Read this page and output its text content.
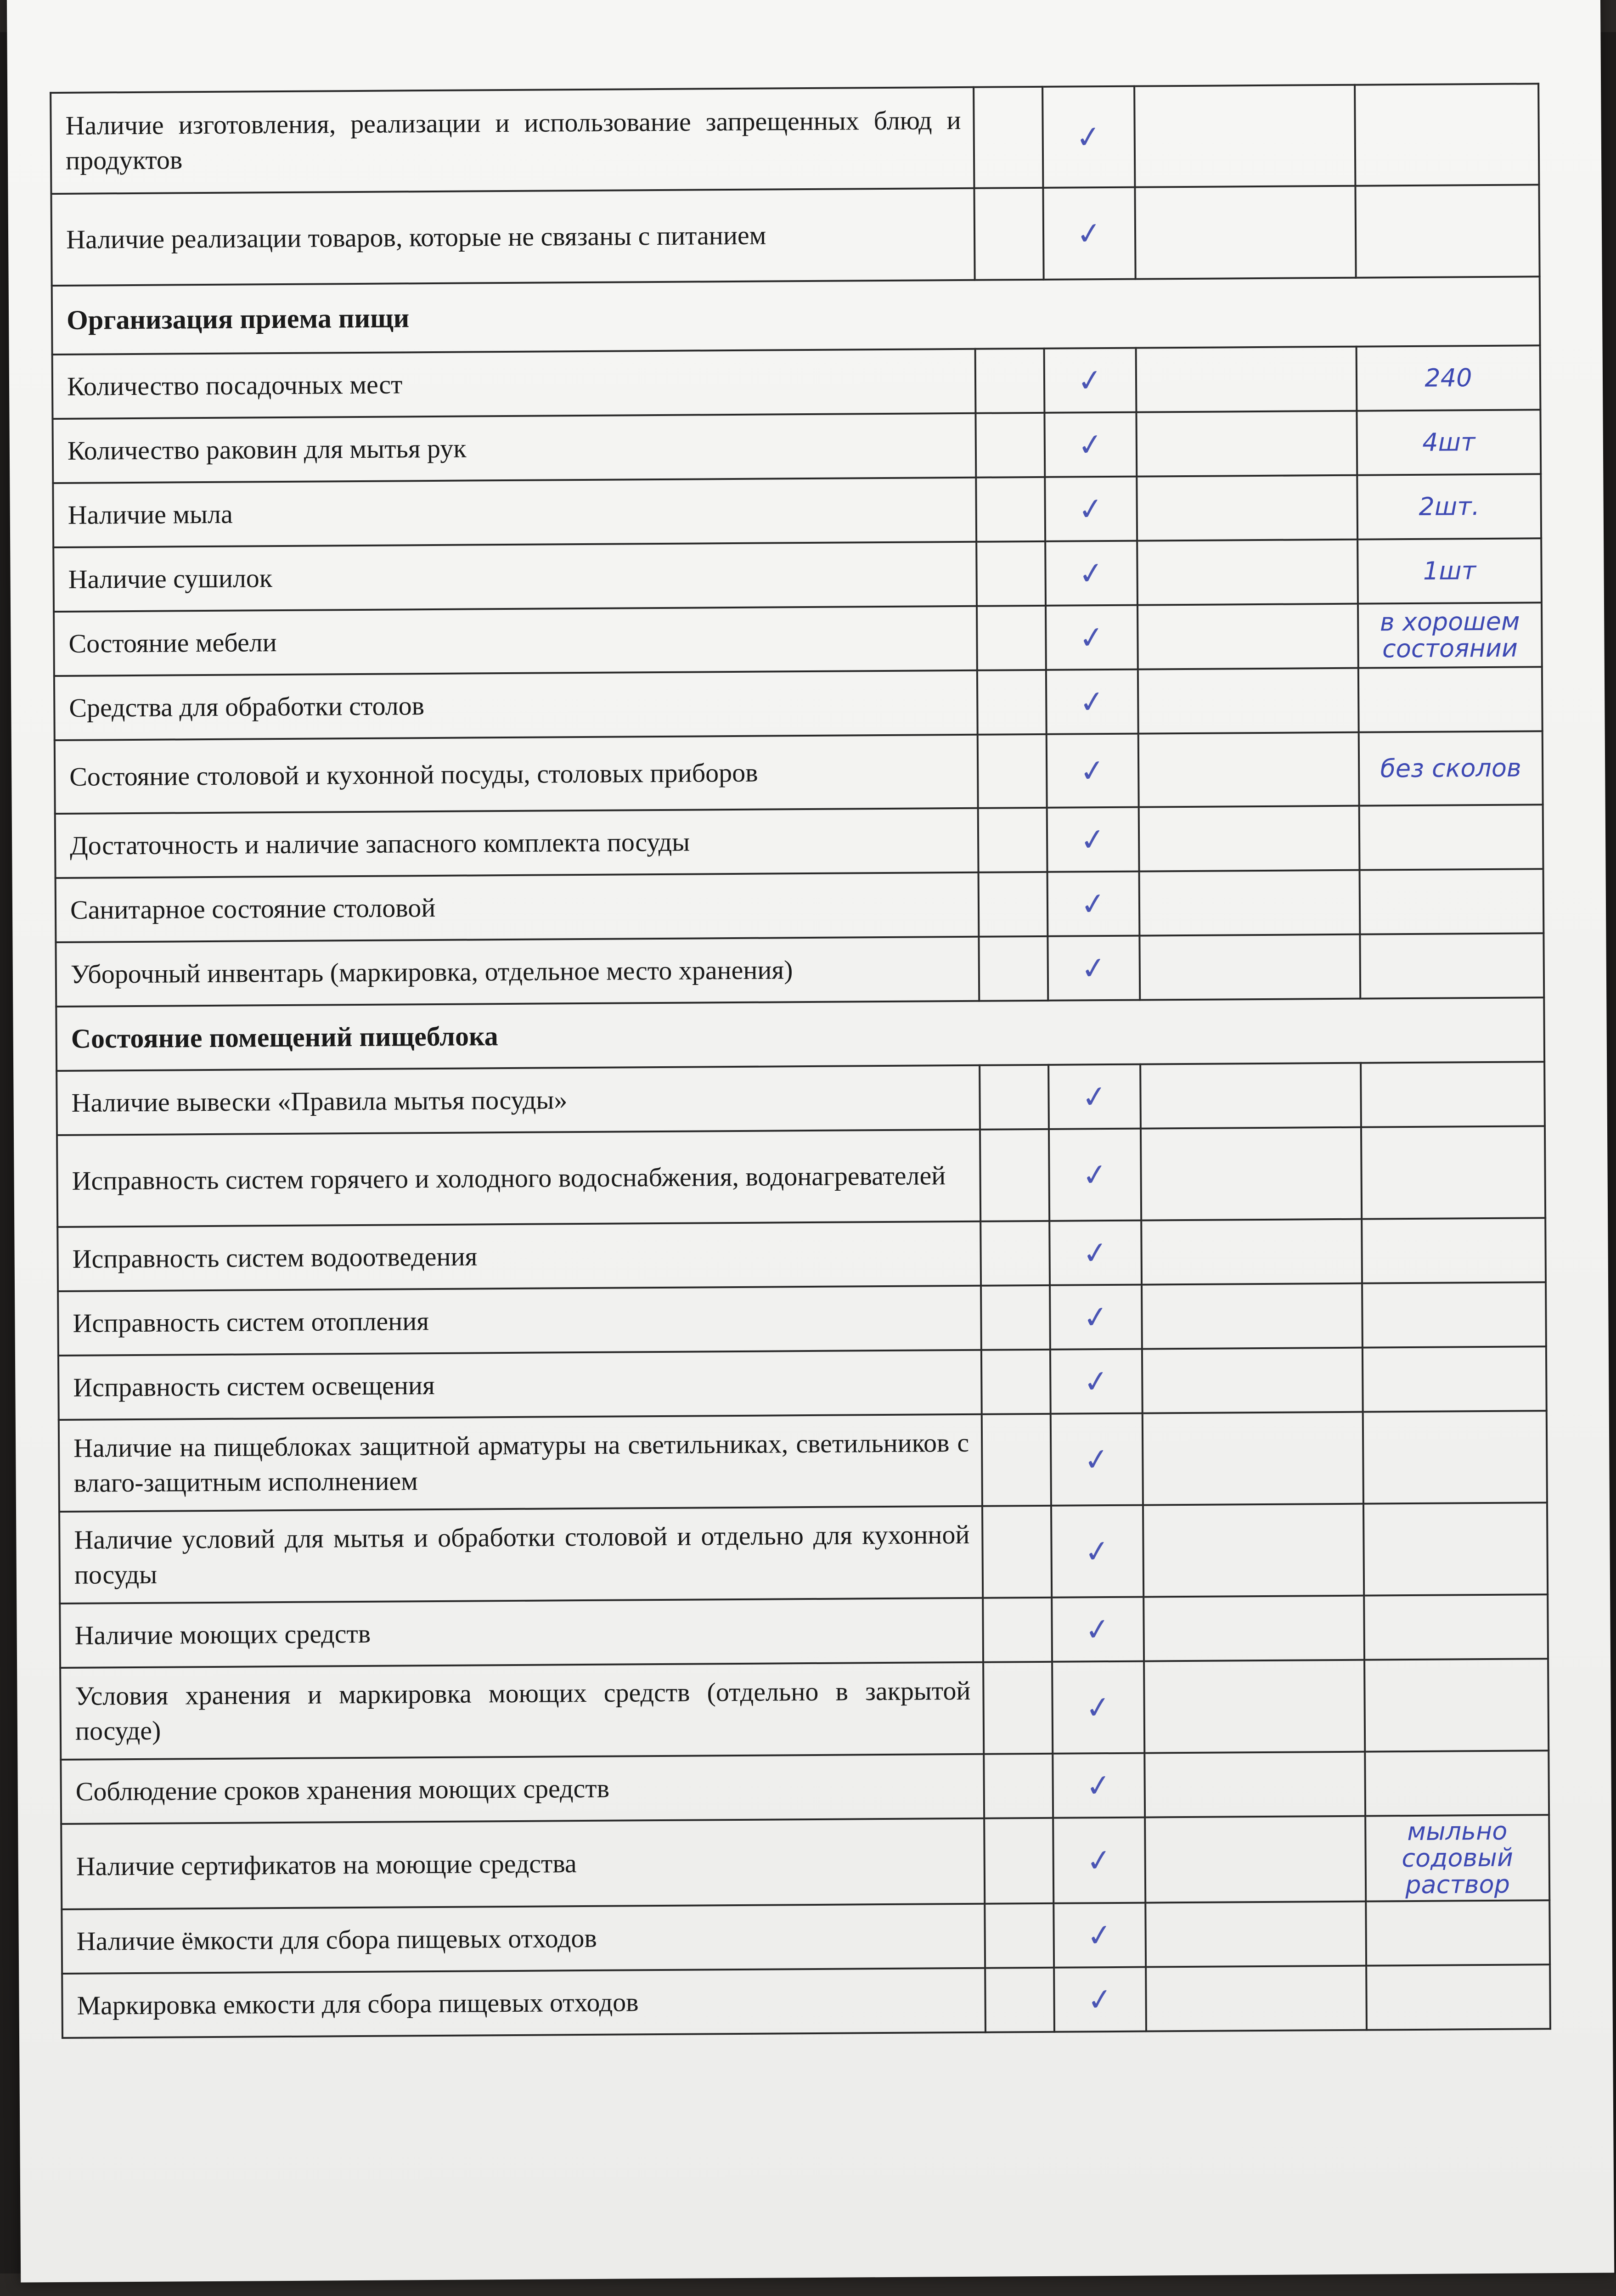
Наличие изготовления, реализации и использование запрещенных блюд и продуктов		✓		
Наличие реализации товаров, которые не связаны с питанием		✓		
Организация приема пищи				
Количество посадочных мест		✓		240
Количество раковин для мытья рук		✓		4шт
Наличие мыла		✓		2шт.
Наличие сушилок		✓		1шт
Состояние мебели		✓		в хорошем состоянии
Средства для обработки столов		✓		
Состояние столовой и кухонной посуды, столовых приборов		✓		без сколов
Достаточность и наличие запасного комплекта посуды		✓		
Санитарное состояние столовой		✓		
Уборочный инвентарь (маркировка, отдельное место хранения)		✓		
Состояние помещений пищеблока				
Наличие вывески «Правила мытья посуды»		✓		
Исправность систем горячего и холодного водоснабжения, водонагревателей		✓		
Исправность систем водоотведения		✓		
Исправность систем отопления		✓		
Исправность систем освещения		✓		
Наличие на пищеблоках защитной арматуры на светильниках, светильников с влаго-защитным исполнением		✓		
Наличие условий для мытья и обработки столовой и отдельно для кухонной посуды		✓		
Наличие моющих средств		✓		
Условия хранения и маркировка моющих средств (отдельно в закрытой посуде)		✓		
Соблюдение сроков хранения моющих средств		✓		
Наличие сертификатов на моющие средства		✓		мыльно содовый раствор
Наличие ёмкости для сбора пищевых отходов		✓		
Маркировка емкости для сбора пищевых отходов		✓		
